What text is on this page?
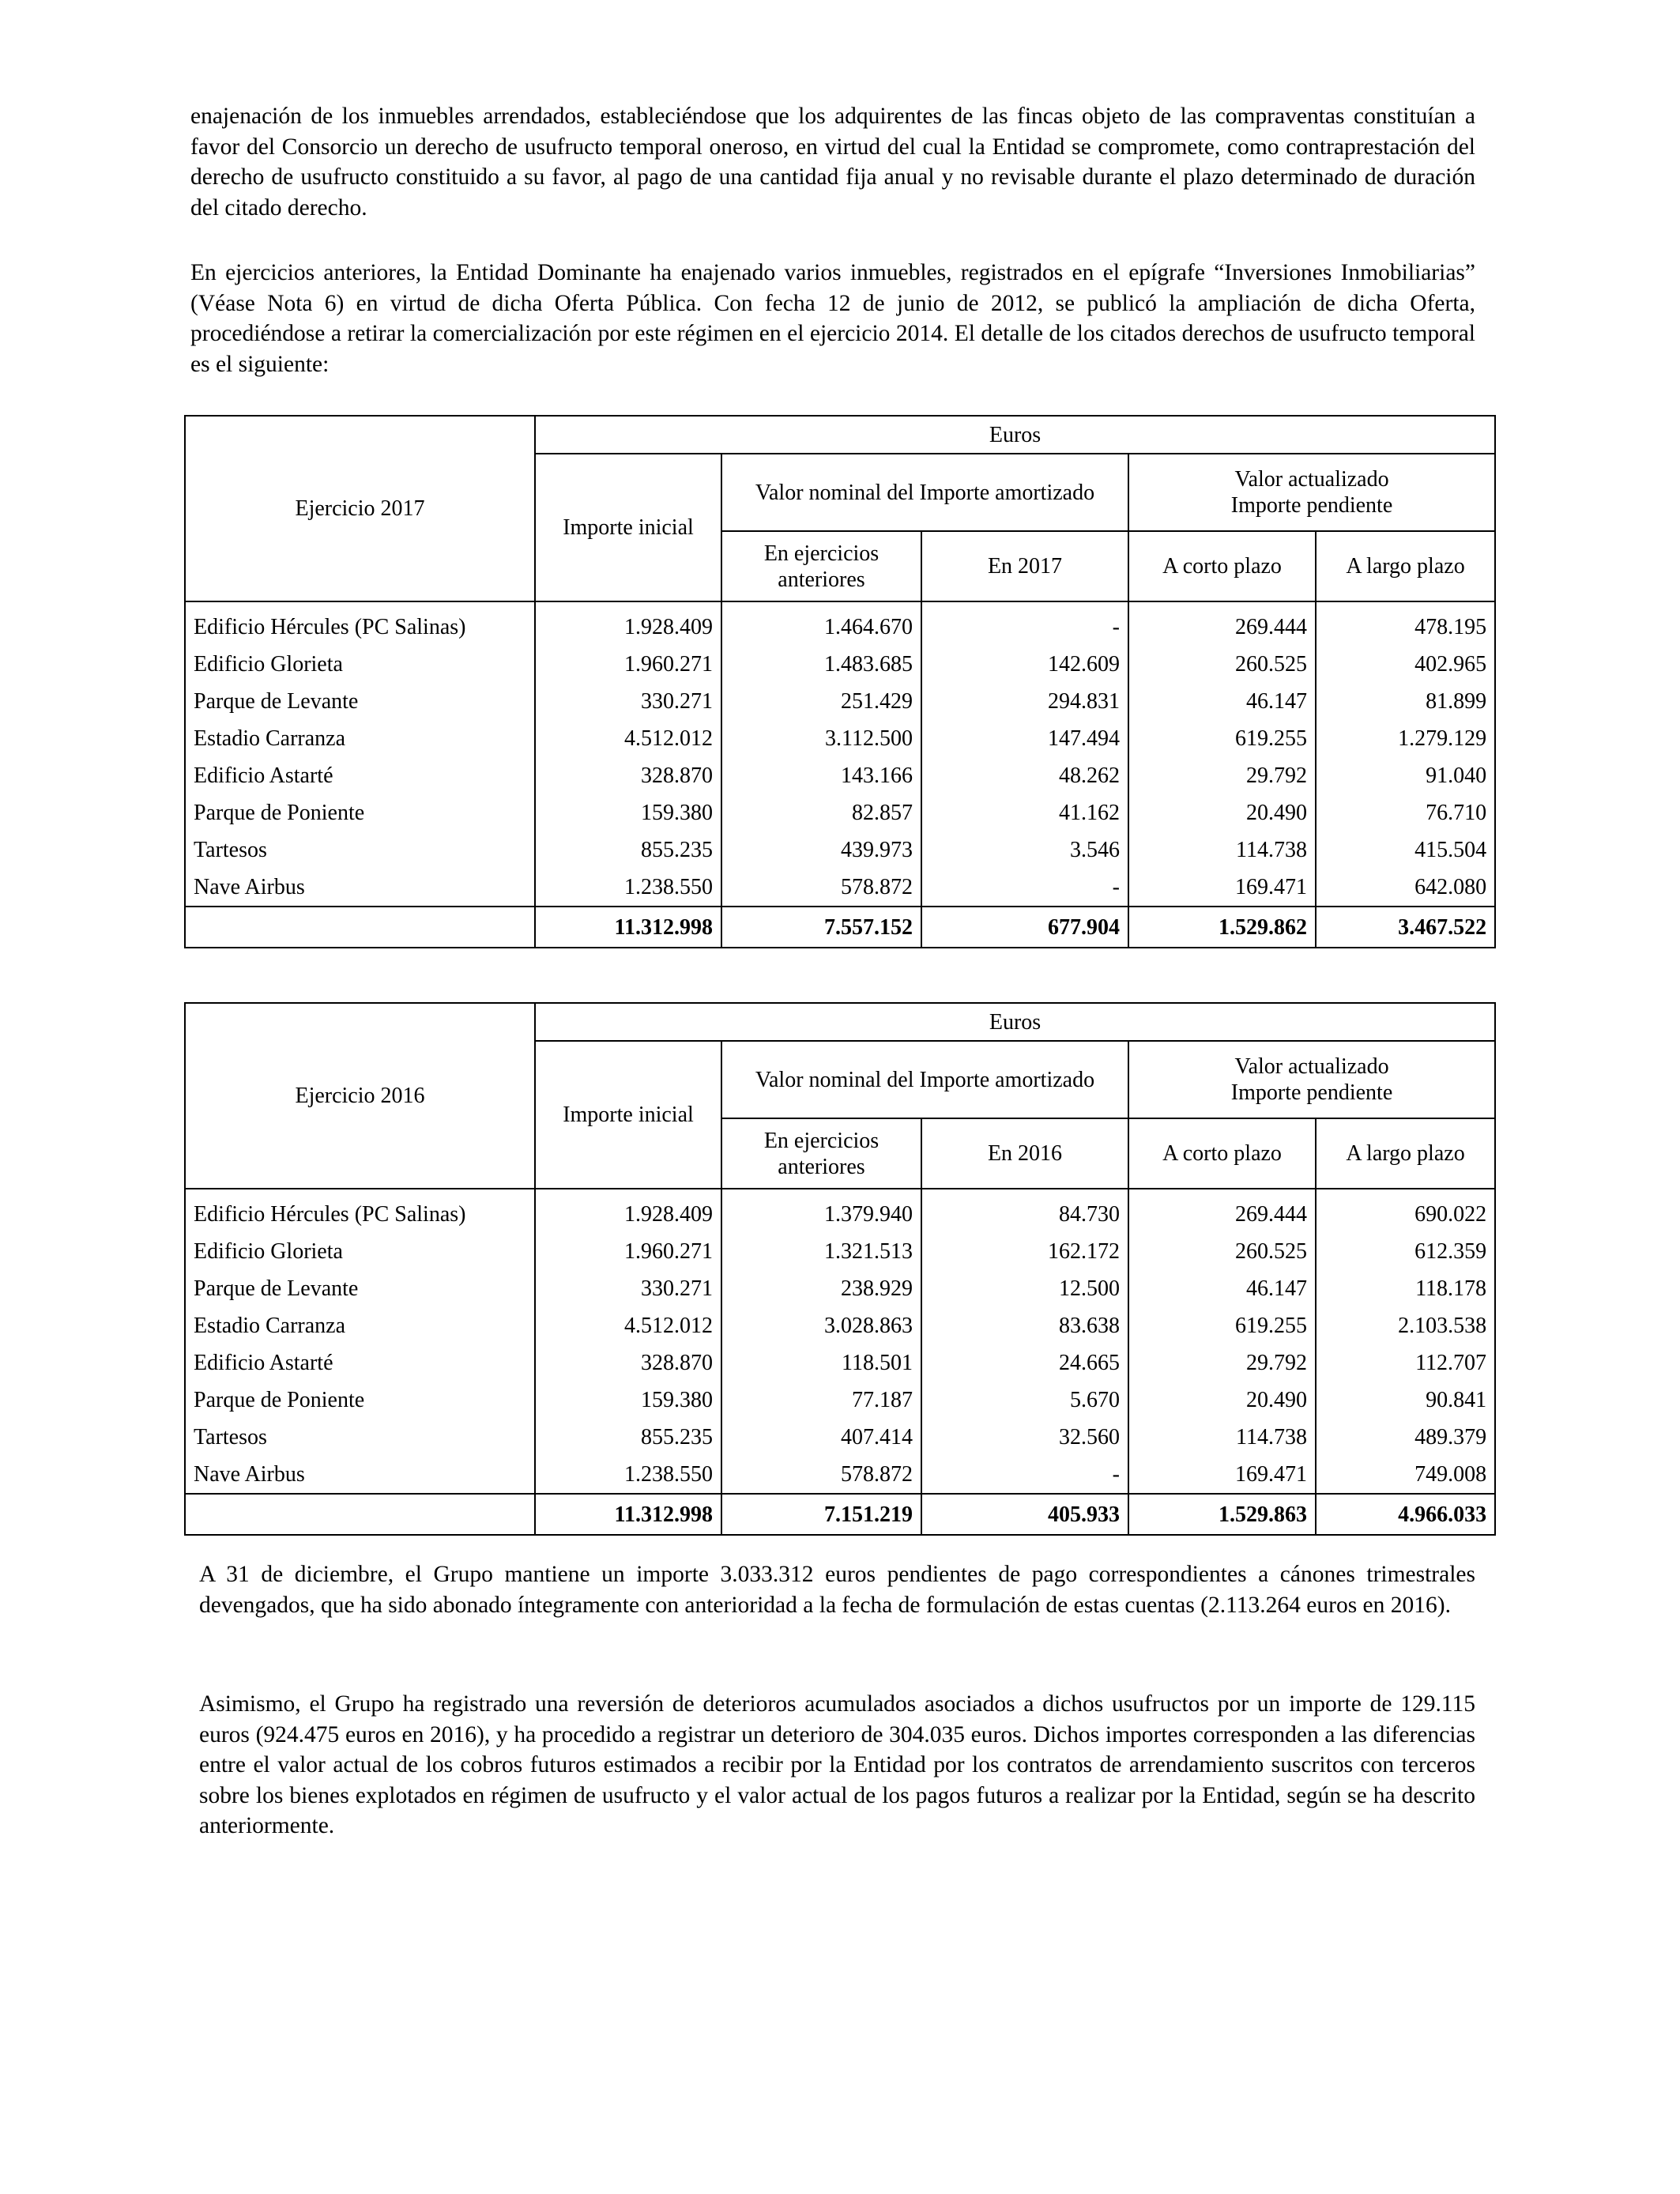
enajenación de los inmuebles arrendados, estableciéndose que los adquirentes de las fincas objeto de las compraventas constituían a favor del Consorcio un derecho de usufructo temporal oneroso, en virtud del cual la Entidad se compromete, como contraprestación del derecho de usufructo constituido a su favor, al pago de una cantidad fija anual y no revisable durante el plazo determinado de duración del citado derecho.

En ejercicios anteriores, la Entidad Dominante ha enajenado varios inmuebles, registrados en el epígrafe “Inversiones Inmobiliarias” (Véase Nota 6) en virtud de dicha Oferta Pública. Con fecha 12 de junio de 2012, se publicó la ampliación de dicha Oferta, procediéndose a retirar la comercialización por este régimen en el ejercicio 2014. El detalle de los citados derechos de usufructo temporal es el siguiente:

Ejercicio 2017	Euros				
	Importe inicial	Valor nominal del Importe amortizado		Valor actualizado
Importe pendiente	

		En ejercicios
anteriores	En 2017	A corto plazo	A largo plazo
Edificio Hércules (PC Salinas)	1.928.409	1.464.670	-	269.444	478.195
Edificio Glorieta	1.960.271	1.483.685	142.609	260.525	402.965
Parque de Levante	330.271	251.429	294.831	46.147	81.899
Estadio Carranza	4.512.012	3.112.500	147.494	619.255	1.279.129
Edificio Astarté	328.870	143.166	48.262	29.792	91.040
Parque de Poniente	159.380	82.857	41.162	20.490	76.710
Tartesos	855.235	439.973	3.546	114.738	415.504
Nave Airbus	1.238.550	578.872	-	169.471	642.080
	11.312.998	7.557.152	677.904	1.529.862	3.467.522
Ejercicio 2016	Euros				
	Importe inicial	Valor nominal del Importe amortizado		Valor actualizado
Importe pendiente	

		En ejercicios
anteriores	En 2016	A corto plazo	A largo plazo
Edificio Hércules (PC Salinas)	1.928.409	1.379.940	84.730	269.444	690.022
Edificio Glorieta	1.960.271	1.321.513	162.172	260.525	612.359
Parque de Levante	330.271	238.929	12.500	46.147	118.178
Estadio Carranza	4.512.012	3.028.863	83.638	619.255	2.103.538
Edificio Astarté	328.870	118.501	24.665	29.792	112.707
Parque de Poniente	159.380	77.187	5.670	20.490	90.841
Tartesos	855.235	407.414	32.560	114.738	489.379
Nave Airbus	1.238.550	578.872	-	169.471	749.008
	11.312.998	7.151.219	405.933	1.529.863	4.966.033

A 31 de diciembre, el Grupo mantiene un importe 3.033.312 euros pendientes de pago correspondientes a cánones trimestrales devengados, que ha sido abonado íntegramente con anterioridad a la fecha de formulación de estas cuentas (2.113.264 euros en 2016).

Asimismo, el Grupo ha registrado una reversión de deterioros acumulados asociados a dichos usufructos por un importe de 129.115 euros (924.475 euros en 2016), y ha procedido a registrar un deterioro de 304.035 euros. Dichos importes corresponden a las diferencias entre el valor actual de los cobros futuros estimados a recibir por la Entidad por los contratos de arrendamiento suscritos con terceros sobre los bienes explotados en régimen de usufructo y el valor actual de los pagos futuros a realizar por la Entidad, según se ha descrito anteriormente.
